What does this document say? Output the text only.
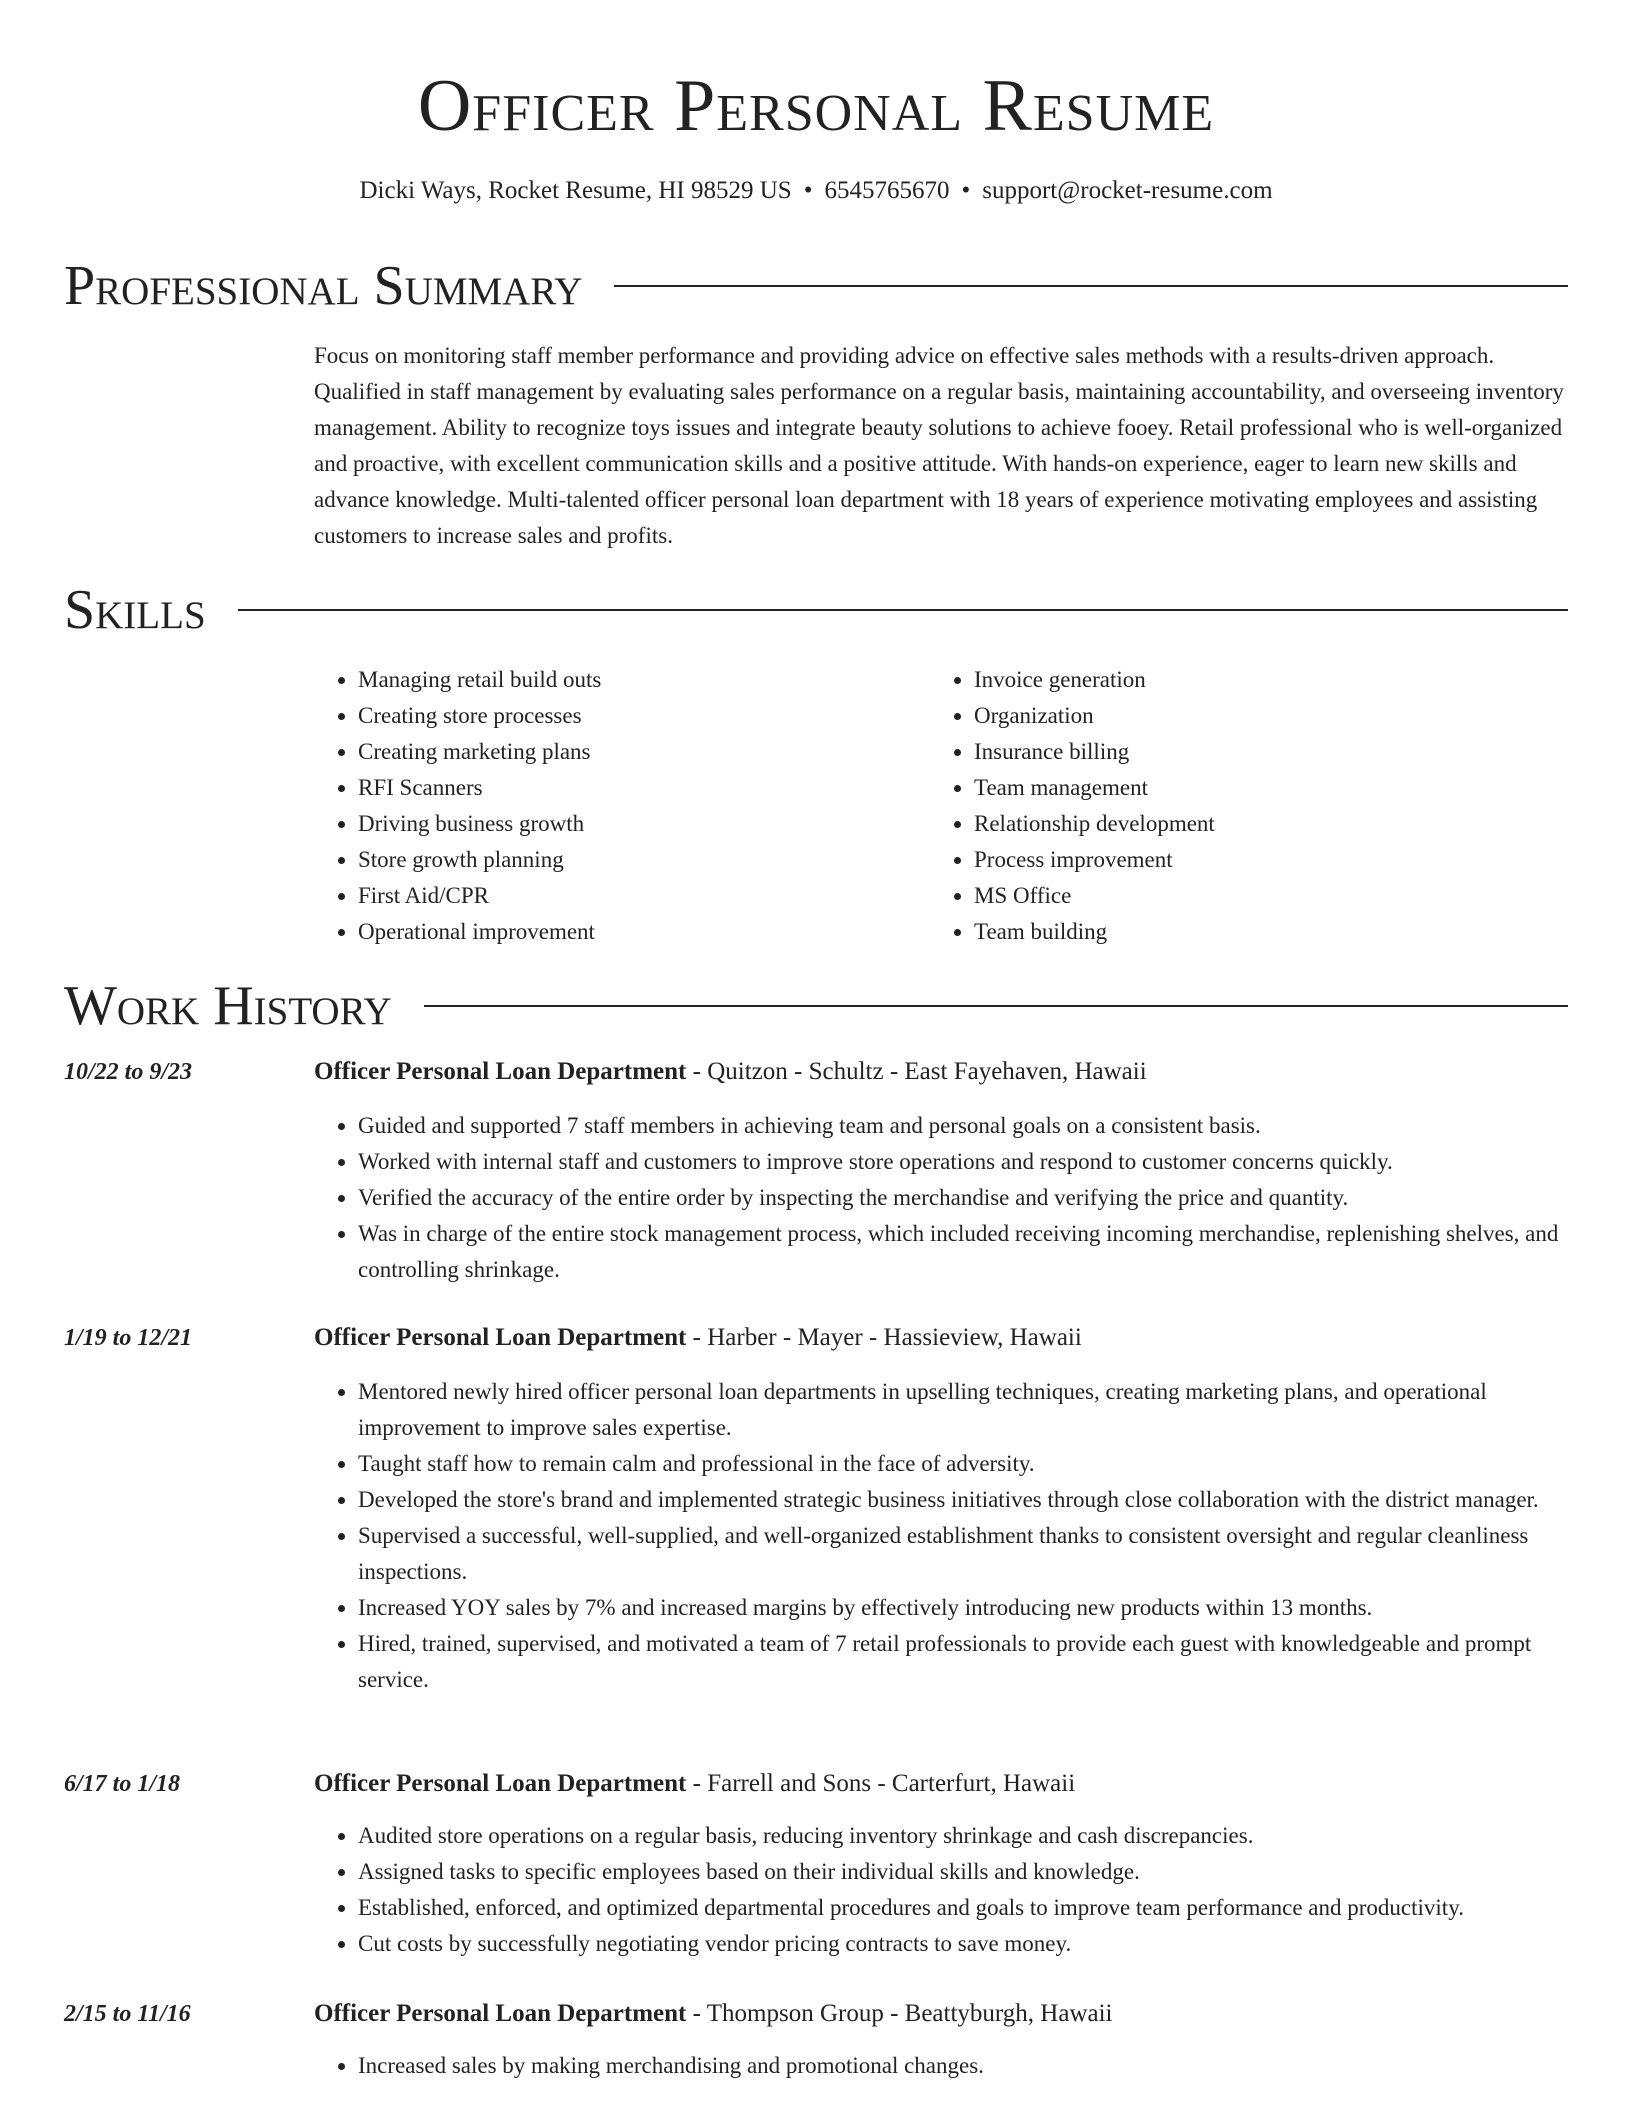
Officer Personal Resume
Dicki Ways, Rocket Resume, HI 98529 US • 6545765670 • support@rocket-resume.com
Professional Summary

Focus on monitoring staff member performance and providing advice on effective sales methods with a results-driven approach. Qualified in staff management by evaluating sales performance on a regular basis, maintaining accountability, and overseeing inventory management. Ability to recognize toys issues and integrate beauty solutions to achieve fooey. Retail professional who is well-organized and proactive, with excellent communication skills and a positive attitude. With hands-on experience, eager to learn new skills and advance knowledge. Multi-talented officer personal loan department with 18 years of experience motivating employees and assisting customers to increase sales and profits.

Skills
• Managing retail build outs
• Creating store processes
• Creating marketing plans
• RFI Scanners
• Driving business growth
• Store growth planning
• First Aid/CPR
• Operational improvement
• Invoice generation
• Organization
• Insurance billing
• Team management
• Relationship development
• Process improvement
• MS Office
• Team building
Work History
10/22 to 9/23	Officer Personal Loan Department - Quitzon - Schultz - East Fayehaven, Hawaii
• Guided and supported 7 staff members in achieving team and personal goals on a consistent basis.
• Worked with internal staff and customers to improve store operations and respond to customer concerns quickly.
• Verified the accuracy of the entire order by inspecting the merchandise and verifying the price and quantity.
• Was in charge of the entire stock management process, which included receiving incoming merchandise, replenishing shelves, and controlling shrinkage.
1/19 to 12/21	Officer Personal Loan Department - Harber - Mayer - Hassieview, Hawaii
• Mentored newly hired officer personal loan departments in upselling techniques, creating marketing plans, and operational improvement to improve sales expertise.
• Taught staff how to remain calm and professional in the face of adversity.
• Developed the store's brand and implemented strategic business initiatives through close collaboration with the district manager.
• Supervised a successful, well-supplied, and well-organized establishment thanks to consistent oversight and regular cleanliness inspections.
• Increased YOY sales by 7% and increased margins by effectively introducing new products within 13 months.
• Hired, trained, supervised, and motivated a team of 7 retail professionals to provide each guest with knowledgeable and prompt service.
6/17 to 1/18	Officer Personal Loan Department - Farrell and Sons - Carterfurt, Hawaii
• Audited store operations on a regular basis, reducing inventory shrinkage and cash discrepancies.
• Assigned tasks to specific employees based on their individual skills and knowledge.
• Established, enforced, and optimized departmental procedures and goals to improve team performance and productivity.
• Cut costs by successfully negotiating vendor pricing contracts to save money.
2/15 to 11/16	Officer Personal Loan Department - Thompson Group - Beattyburgh, Hawaii
• Increased sales by making merchandising and promotional changes.
